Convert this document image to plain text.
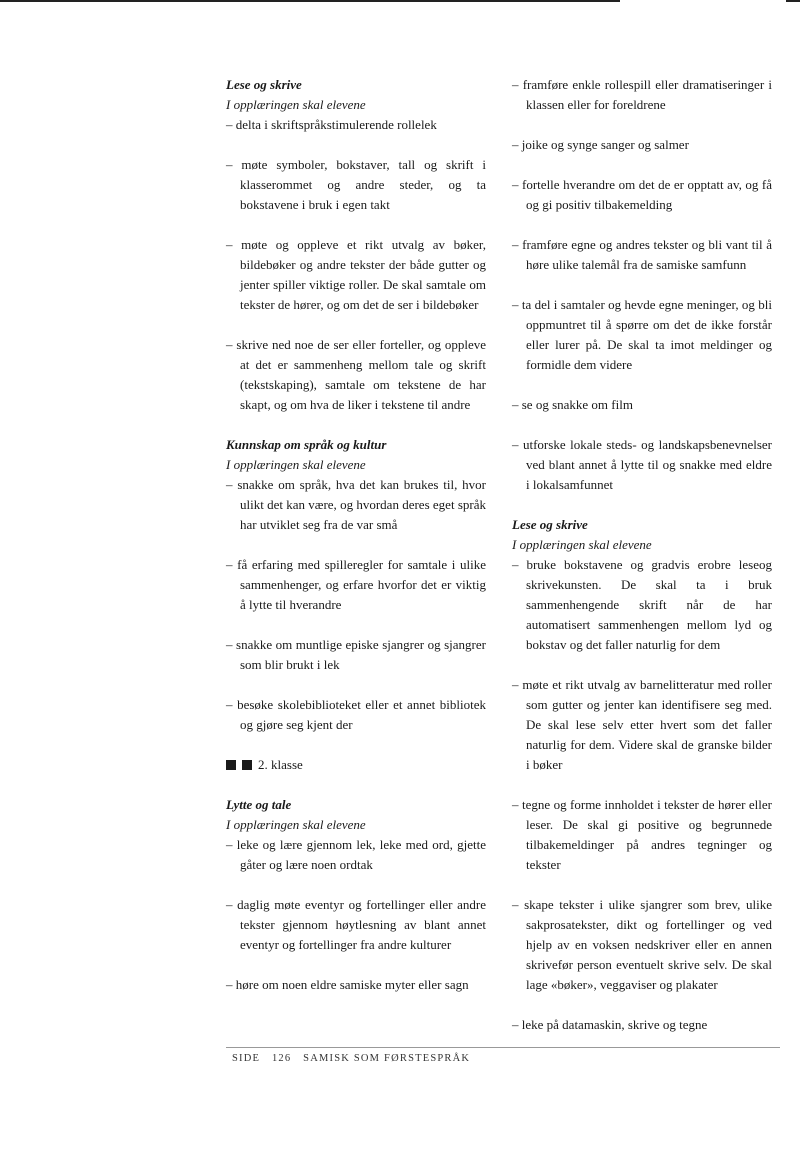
Lese og skrive
I opplæringen skal elevene
– delta i skriftspråkstimulerende rollelek
– møte symboler, bokstaver, tall og skrift i klasserommet og andre steder, og ta bokstavene i bruk i egen takt
– møte og oppleve et rikt utvalg av bøker, bildebøker og andre tekster der både gutter og jenter spiller viktige roller. De skal samtale om tekster de hører, og om det de ser i bildebøker
– skrive ned noe de ser eller forteller, og oppleve at det er sammenheng mellom tale og skrift (tekstskaping), samtale om tekstene de har skapt, og om hva de liker i tekstene til andre
Kunnskap om språk og kultur
I opplæringen skal elevene
– snakke om språk, hva det kan brukes til, hvor ulikt det kan være, og hvordan deres eget språk har utviklet seg fra de var små
– få erfaring med spilleregler for samtale i ulike sammenhenger, og erfare hvorfor det er viktig å lytte til hverandre
– snakke om muntlige episke sjangrer og sjangrer som blir brukt i lek
– besøke skolebiblioteket eller et annet bibliotek og gjøre seg kjent der
2. klasse
Lytte og tale
I opplæringen skal elevene
– leke og lære gjennom lek, leke med ord, gjette gåter og lære noen ordtak
– daglig møte eventyr og fortellinger eller andre tekster gjennom høytlesning av blant annet eventyr og fortellinger fra andre kulturer
– høre om noen eldre samiske myter eller sagn
– framføre enkle rollespill eller dramatiseringer i klassen eller for foreldrene
– joike og synge sanger og salmer
– fortelle hverandre om det de er opptatt av, og få og gi positiv tilbakemelding
– framføre egne og andres tekster og bli vant til å høre ulike talemål fra de samiske samfunn
– ta del i samtaler og hevde egne meninger, og bli oppmuntret til å spørre om det de ikke forstår eller lurer på. De skal ta imot meldinger og formidle dem videre
– se og snakke om film
– utforske lokale steds- og landskapsbenevnelser ved blant annet å lytte til og snakke med eldre i lokalsamfunnet
Lese og skrive
I opplæringen skal elevene
– bruke bokstavene og gradvis erobre leseog skrivekunsten. De skal ta i bruk sammenhengende skrift når de har automatisert sammenhengen mellom lyd og bokstav og det faller naturlig for dem
– møte et rikt utvalg av barnelitteratur med roller som gutter og jenter kan identifisere seg med. De skal lese selv etter hvert som det faller naturlig for dem. Videre skal de granske bilder i bøker
– tegne og forme innholdet i tekster de hører eller leser. De skal gi positive og begrunnede tilbakemeldinger på andres tegninger og tekster
– skape tekster i ulike sjangrer som brev, ulike sakprosatekster, dikt og fortellinger og ved hjelp av en voksen nedskriver eller en annen skrivefør person eventuelt skrive selv. De skal lage «bøker», veggaviser og plakater
– leke på datamaskin, skrive og tegne
SIDE 126 SAMISK SOM FØRSTESPRÅK
